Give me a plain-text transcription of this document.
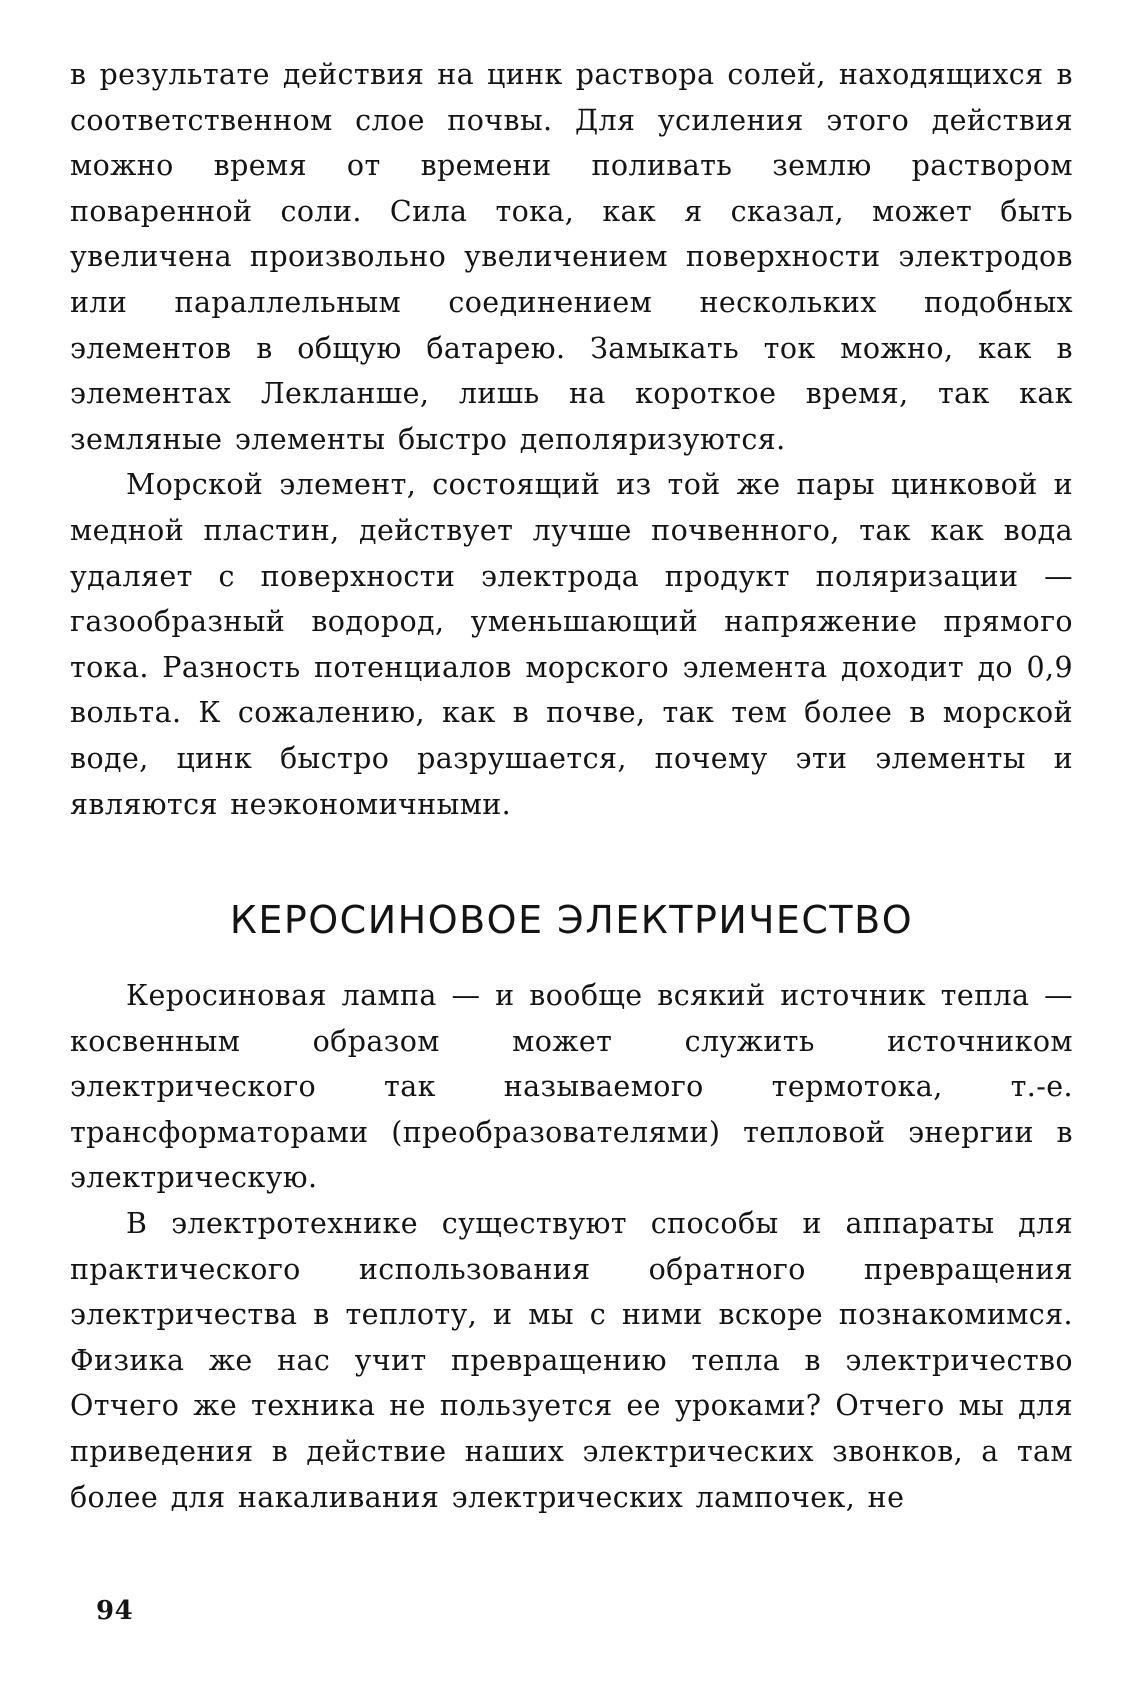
в результате действия на цинк раствора солей, находящихся в соответственном слое почвы. Для усиления этого действия можно время от времени поливать землю раствором поваренной соли. Сила тока, как я сказал, может быть увеличена произвольно увеличением поверхности электродов или параллельным соединением нескольких подобных элементов в общую батарею. Замыкать ток можно, как в элементах Лекланше, лишь на короткое время, так как земляные элементы быстро деполяризуются.

Морской элемент, состоящий из той же пары цинковой и медной пластин, действует лучше почвенного, так как вода удаляет с поверхности электрода продукт поляризации — газообразный водород, уменьшающий напряжение прямого тока. Разность потенциалов морского элемента доходит до 0,9 вольта. К сожалению, как в почве, так тем более в морской воде, цинк быстро разрушается, почему эти элементы и являются неэкономичными.

КЕРОСИНОВОЕ ЭЛЕКТРИЧЕСТВО

Керосиновая лампа — и вообще всякий источник тепла — косвенным образом может служить источником электрического так называемого термотока, т.-е. трансформаторами (преобразователями) тепловой энергии в электрическую.

В электротехнике существуют способы и аппараты для практического использования обратного превращения электричества в теплоту, и мы с ними вскоре познакомимся. Физика же нас учит превращению тепла в электричество Отчего же техника не пользуется ее уроками? Отчего мы для приведения в действие наших электрических звонков, а там более для накаливания электрических лампочек, не

94
